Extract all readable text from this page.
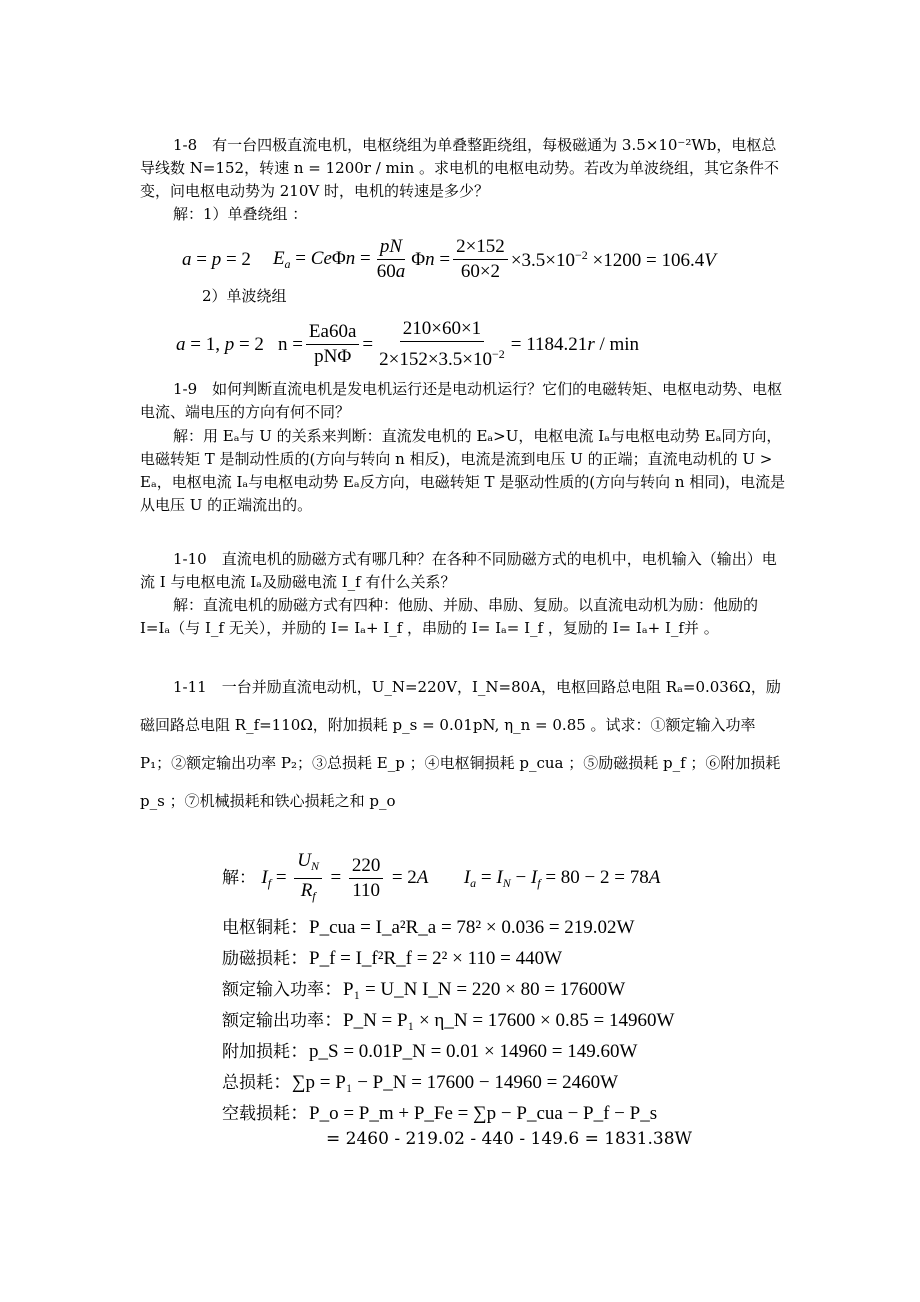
1-8　有一台四极直流电机，电枢绕组为单叠整距绕组，每极磁通为 3.5×10⁻²Wb，电枢总导线数 N=152，转速 n = 1200r / min 。求电机的电枢电动势。若改为单波绕组，其它条件不变，问电枢电动势为 210V 时，电机的转速是多少？

解：1）单叠绕组 ：

a = p = 2 $E_a = Ce\Phi n = \frac{pN}{60a}$ $\Phi n = \frac{2\times 152}{60\times 2} \times 3.5\times 10^{-2} \times 1200 = 106.4V$

2）单波绕组

a = 1, p = 2 $n = \frac{Ea60a}{\text{pNΦ}} = \frac{210\times 60\times 1}{2\times 152\times 3.5\times 10^{-2}} = 1184.21r / \min$

1-9　如何判断直流电机是发电机运行还是电动机运行？它们的电磁转矩、电枢电动势、电枢电流、端电压的方向有何不同？

解：用 Eₐ与 U 的关系来判断：直流发电机的 Eₐ>U，电枢电流 Iₐ与电枢电动势 Eₐ同方向，电磁转矩 T 是制动性质的(方向与转向 n 相反)，电流是流到电压 U 的正端；直流电动机的 U > Eₐ，电枢电流 Iₐ与电枢电动势 Eₐ反方向，电磁转矩 T 是驱动性质的(方向与转向 n 相同)，电流是从电压 U 的正端流出的。

1-10　直流电机的励磁方式有哪几种？在各种不同励磁方式的电机中，电机输入（输出）电流 I 与电枢电流 Iₐ及励磁电流 I_f 有什么关系？

解：直流电机的励磁方式有四种：他励、并励、串励、复励。以直流电动机为励：他励的 I=Iₐ（与 I_f 无关），并励的 I= Iₐ+ I_f ，串励的 I= Iₐ= I_f ，复励的 I= Iₐ+ I_f并 。

1-11　一台并励直流电动机，U_N=220V，I_N=80A，电枢回路总电阻 Rₐ=0.036Ω，励磁回路总电阻 R_f=110Ω，附加损耗 p_s = 0.01pN, η_n = 0.85 。试求：①额定输入功率 P₁；②额定输出功率 P₂；③总损耗 E_p ；④电枢铜损耗 p_cua ；⑤励磁损耗 p_f ；⑥附加损耗 p_s ；⑦机械损耗和铁心损耗之和 p_o

解： $I_f = \frac{U_N}{R_f} = \frac{220}{110} = 2A$ $I_a = I_N - I_f = 80 - 2 = 78A$
电枢铜耗：P_cua = I_a²R_a = 78² × 0.036 = 219.02W
励磁损耗：P_f = I_f²R_f = 2² × 110 = 440W
额定输入功率：P₁ = U_N I_N = 220 × 80 = 17600W
额定输出功率：P_N = P₁ × η_N = 17600 × 0.85 = 14960W
附加损耗：p_S = 0.01P_N = 0.01 × 14960 = 149.60W
总损耗：∑p = P₁ − P_N = 17600 − 14960 = 2460W
空载损耗：P_o = P_m + P_Fe = ∑p − P_cua − P_f − P_s
= 2460 - 219.02 - 440 - 149.6 = 1831.38W
